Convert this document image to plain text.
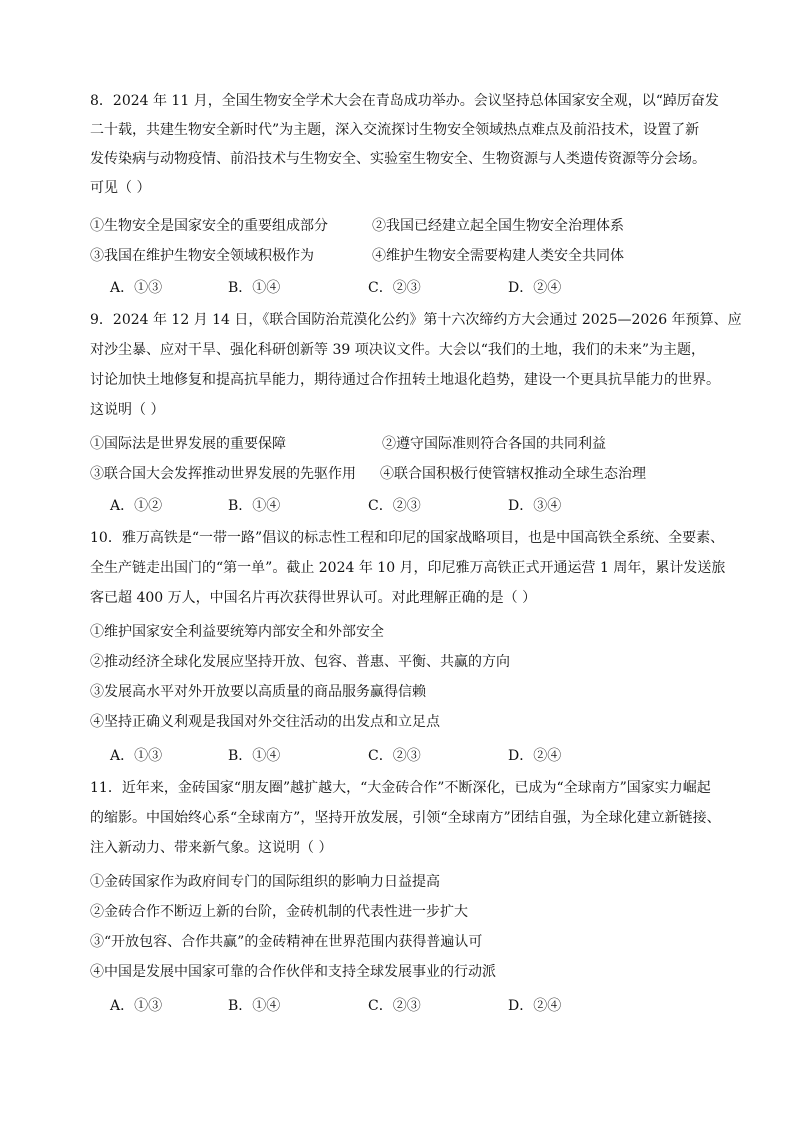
8．2024 年 11 月，全国生物安全学术大会在青岛成功举办。会议坚持总体国家安全观，以“踔厉奋发
二十载，共建生物安全新时代”为主题，深入交流探讨生物安全领域热点难点及前沿技术，设置了新
发传染病与动物疫情、前沿技术与生物安全、实验室生物安全、生物资源与人类遗传资源等分会场。
可见（ ）
①生物安全是国家安全的重要组成部分	②我国已经建立起全国生物安全治理体系
③我国在维护生物安全领域积极作为	④维护生物安全需要构建人类安全共同体
A．①③	B．①④	C．②③	D．②④
9．2024 年 12 月 14 日，《联合国防治荒漠化公约》第十六次缔约方大会通过 2025—2026 年预算、应
对沙尘暴、应对干旱、强化科研创新等 39 项决议文件。大会以“我们的土地，我们的未来”为主题，
讨论加快土地修复和提高抗旱能力，期待通过合作扭转土地退化趋势，建设一个更具抗旱能力的世界。
这说明（ ）
①国际法是世界发展的重要保障	②遵守国际准则符合各国的共同利益
③联合国大会发挥推动世界发展的先驱作用 ④联合国积极行使管辖权推动全球生态治理
A．①②	B．①④	C．②③	D．③④
10．雅万高铁是“一带一路”倡议的标志性工程和印尼的国家战略项目，也是中国高铁全系统、全要素、
全生产链走出国门的“第一单”。截止 2024 年 10 月，印尼雅万高铁正式开通运营 1 周年，累计发送旅
客已超 400 万人，中国名片再次获得世界认可。对此理解正确的是（ ）
①维护国家安全利益要统筹内部安全和外部安全
②推动经济全球化发展应坚持开放、包容、普惠、平衡、共赢的方向
③发展高水平对外开放要以高质量的商品服务赢得信赖
④坚持正确义利观是我国对外交往活动的出发点和立足点
A．①③	B．①④	C．②③	D．②④
11．近年来，金砖国家“朋友圈”越扩越大，“大金砖合作”不断深化，已成为“全球南方”国家实力崛起
的缩影。中国始终心系“全球南方”，坚持开放发展，引领“全球南方”团结自强，为全球化建立新链接、
注入新动力、带来新气象。这说明（ ）
①金砖国家作为政府间专门的国际组织的影响力日益提高
②金砖合作不断迈上新的台阶，金砖机制的代表性进一步扩大
③“开放包容、合作共赢”的金砖精神在世界范围内获得普遍认可
④中国是发展中国家可靠的合作伙伴和支持全球发展事业的行动派
A．①③	B．①④	C．②③	D．②④
